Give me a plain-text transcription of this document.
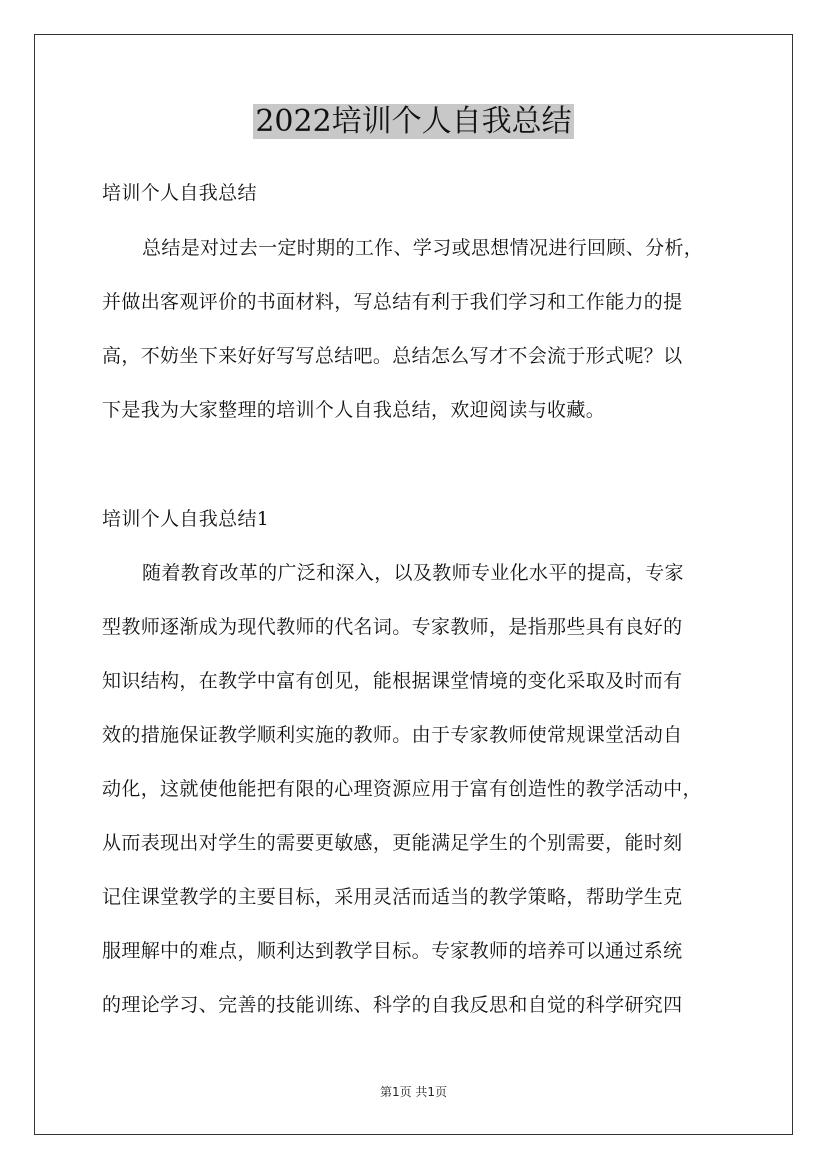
2022培训个人自我总结
培训个人自我总结
总结是对过去一定时期的工作、学习或思想情况进行回顾、分析，
并做出客观评价的书面材料，写总结有利于我们学习和工作能力的提
高，不妨坐下来好好写写总结吧。总结怎么写才不会流于形式呢？以
下是我为大家整理的培训个人自我总结，欢迎阅读与收藏。
培训个人自我总结1
随着教育改革的广泛和深入，以及教师专业化水平的提高，专家
型教师逐渐成为现代教师的代名词。专家教师，是指那些具有良好的
知识结构，在教学中富有创见，能根据课堂情境的变化采取及时而有
效的措施保证教学顺利实施的教师。由于专家教师使常规课堂活动自
动化，这就使他能把有限的心理资源应用于富有创造性的教学活动中，
从而表现出对学生的需要更敏感，更能满足学生的个别需要，能时刻
记住课堂教学的主要目标，采用灵活而适当的教学策略，帮助学生克
服理解中的难点，顺利达到教学目标。专家教师的培养可以通过系统
的理论学习、完善的技能训练、科学的自我反思和自觉的科学研究四
第1页 共1页
